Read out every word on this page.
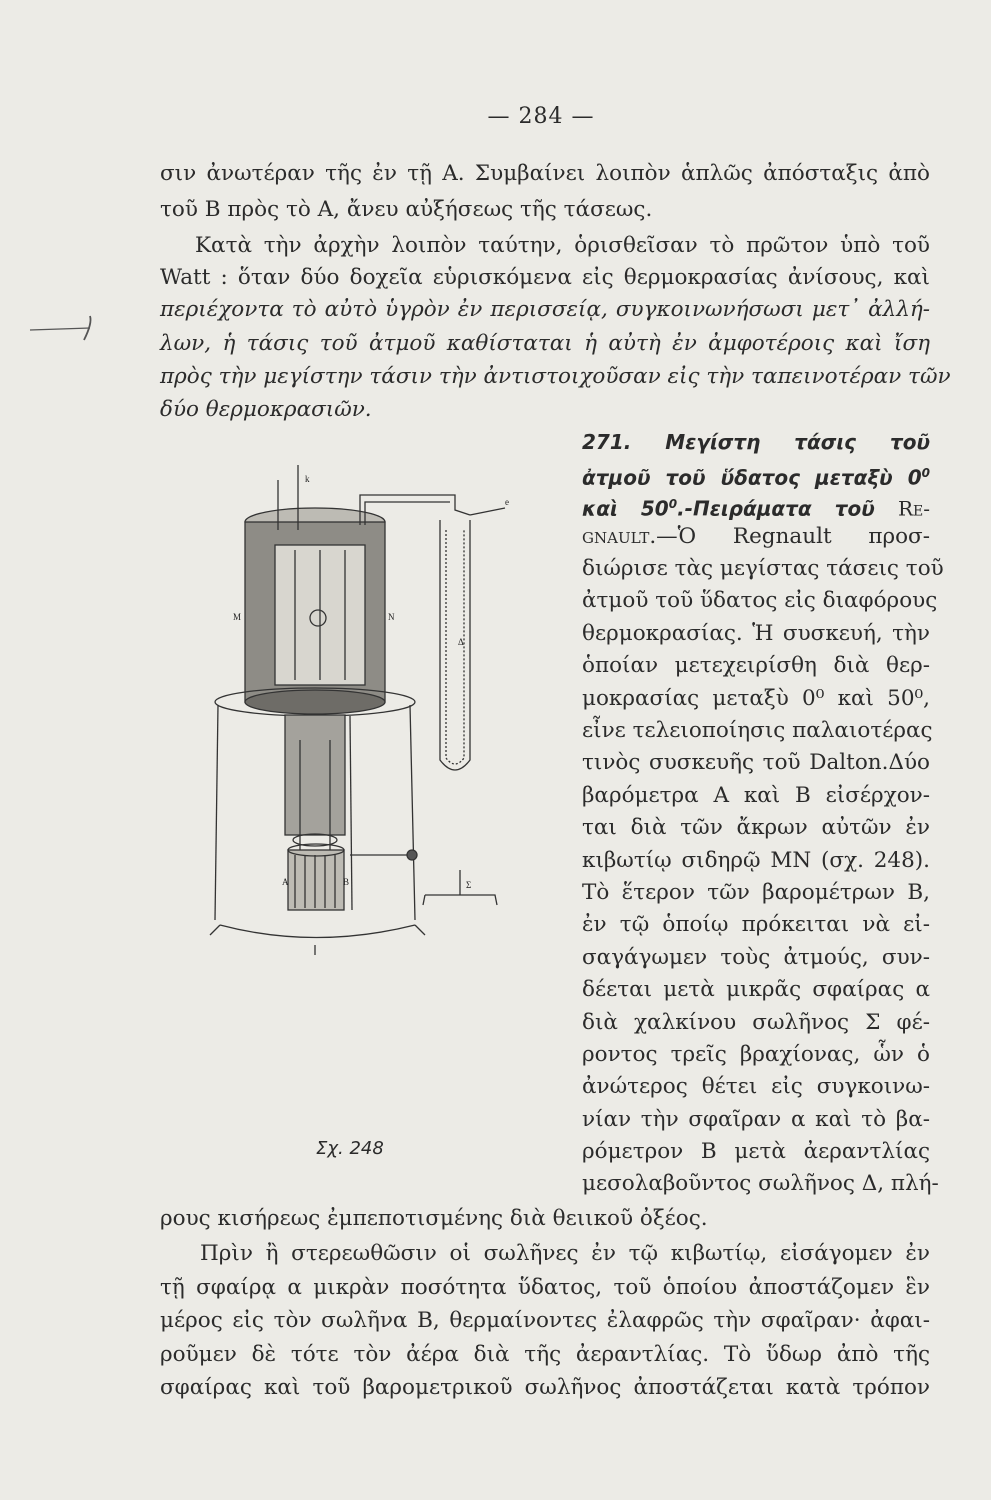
— 284 —
σιν ἀνωτέραν τῆς ἐν τῇ Α. Συμβαίνει λοιπὸν ἁπλῶς ἀπόσταξις ἀπὸ
τοῦ Β πρὸς τὸ Α, ἄνευ αὐξήσεως τῆς τάσεως.
Κατὰ τὴν ἀρχὴν λοιπὸν ταύτην, ὁρισθεῖσαν τὸ πρῶτον ὑπὸ τοῦ
Watt : ὅταν δύο δοχεῖα εὑρισκόμενα εἰς θερμοκρασίας ἀνίσους, καὶ
περιέχοντα τὸ αὐτὸ ὑγρὸν ἐν περισσείᾳ, συγκοινωνήσωσι μετ᾽ ἀλλή-
λων, ἡ τάσις τοῦ ἀτμοῦ καθίσταται ἡ αὐτὴ ἐν ἀμφοτέροις καὶ ἴση
πρὸς τὴν μεγίστην τάσιν τὴν ἀντιστοιχοῦσαν εἰς τὴν ταπεινοτέραν τῶν
δύο θερμοκρασιῶν.
271. Μεγίστη τάσις τοῦ
ἀτμοῦ τοῦ ὕδατος μεταξὺ $0^0$
καὶ $50^0$.-Πειράματα τοῦ Re-
gnault.—Ὁ Regnault προσ-
διώρισε τὰς μεγίστας τάσεις τοῦ
ἀτμοῦ τοῦ ὕδατος εἰς διαφόρους
θερμοκρασίας. Ἡ συσκευή, τὴν
ὁποίαν μετεχειρίσθη διὰ θερ-
μοκρασίας μεταξὺ 0⁰ καὶ 50⁰,
εἶνε τελειοποίησις παλαιοτέρας
τινὸς συσκευῆς τοῦ Dalton.Δύο
βαρόμετρα Α καὶ Β εἰσέρχον-
ται διὰ τῶν ἄκρων αὐτῶν ἐν
κιβωτίῳ σιδηρῷ ΜΝ (σχ. 248).
Τὸ ἕτερον τῶν βαρομέτρων Β,
ἐν τῷ ὁποίῳ πρόκειται νὰ εἰ-
σαγάγωμεν τοὺς ἀτμούς, συν-
δέεται μετὰ μικρᾶς σφαίρας α
διὰ χαλκίνου σωλῆνος Σ φέ-
ροντος τρεῖς βραχίονας, ὧν ὁ
ἀνώτερος θέτει εἰς συγκοινω-
νίαν τὴν σφαῖραν α καὶ τὸ βα-
ρόμετρον Β μετὰ ἀεραντλίας
μεσολαβοῦντος σωλῆνος Δ, πλή-
ρους κισήρεως ἐμπεποτισμένης διὰ θειικοῦ ὀξέος.
Πρὶν ἢ στερεωθῶσιν οἱ σωλῆνες ἐν τῷ κιβωτίῳ, εἰσάγομεν ἐν
τῇ σφαίρᾳ α μικρὰν ποσότητα ὕδατος, τοῦ ὁποίου ἀποστάζομεν ἓν
μέρος εἰς τὸν σωλῆνα Β, θερμαίνοντες ἐλαφρῶς τὴν σφαῖραν· ἀφαι-
ροῦμεν δὲ τότε τὸν ἀέρα διὰ τῆς ἀεραντλίας. Τὸ ὕδωρ ἀπὸ τῆς
σφαίρας καὶ τοῦ βαρομετρικοῦ σωλῆνος ἀποστάζεται κατὰ τρόπον
M	N
Δ
A	B	Σ
k
e
Σχ. 248
